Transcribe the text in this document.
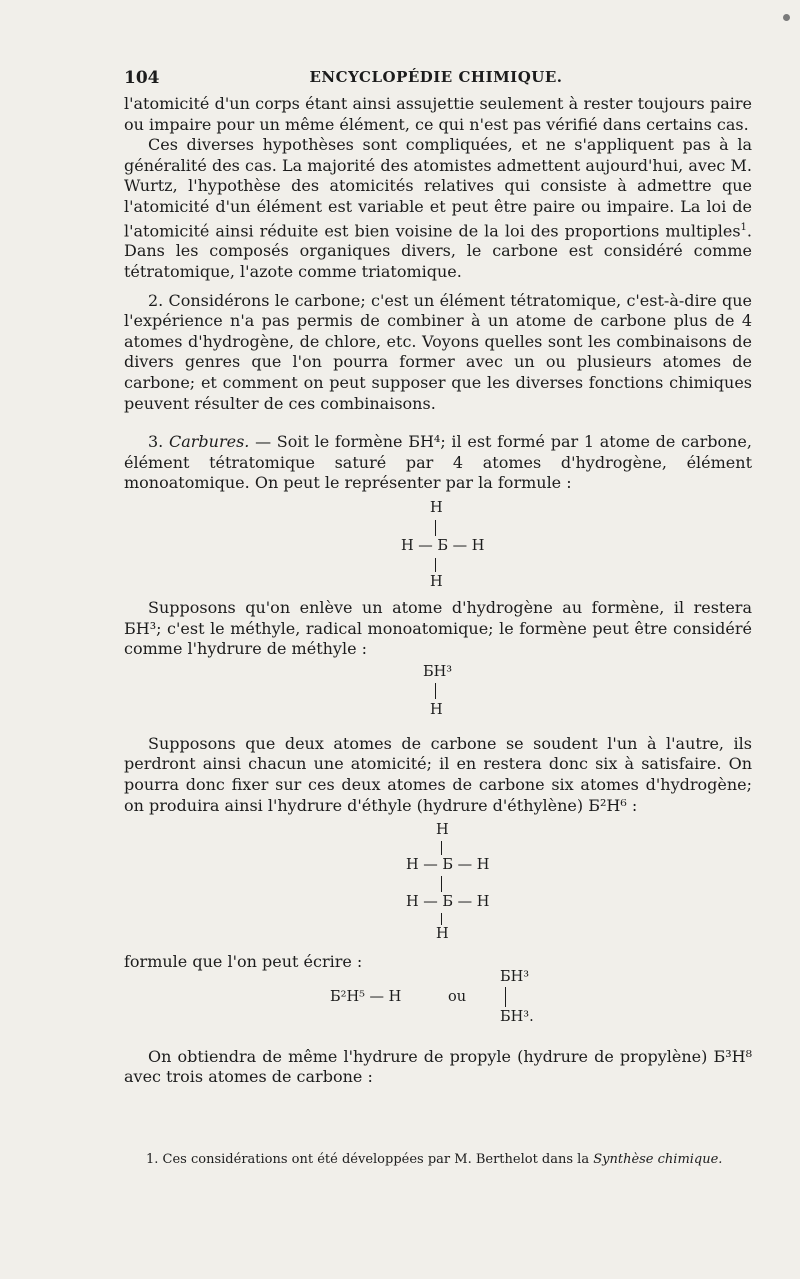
104	ENCYCLOPÉDIE CHIMIQUE.

l'atomicité d'un corps étant ainsi assujettie seulement à rester toujours paire ou impaire pour un même élément, ce qui n'est pas vérifié dans certains cas.

Ces diverses hypothèses sont compliquées, et ne s'appliquent pas à la généralité des cas. La majorité des atomistes admettent aujourd'hui, avec M. Wurtz, l'hypothèse des atomicités relatives qui consiste à admettre que l'atomicité d'un élément est variable et peut être paire ou impaire. La loi de l'atomicité ainsi réduite est bien voisine de la loi des proportions multiples$^1$. Dans les composés organiques divers, le carbone est considéré comme tétratomique, l'azote comme triatomique.

2. Considérons le carbone; c'est un élément tétratomique, c'est-à-dire que l'expérience n'a pas permis de combiner à un atome de carbone plus de 4 atomes d'hydrogène, de chlore, etc. Voyons quelles sont les combinaisons de divers genres que l'on pourra former avec un ou plusieurs atomes de carbone; et comment on peut supposer que les diverses fonctions chimiques peuvent résulter de ces combinaisons.

3. Carbures. — Soit le formène ƂH⁴; il est formé par 1 atome de carbone, élément tétratomique saturé par 4 atomes d'hydrogène, élément monoatomique. On peut le représenter par la formule :

H
H — Ƃ — H
H

Supposons qu'on enlève un atome d'hydrogène au formène, il restera ƂH³; c'est le méthyle, radical monoatomique; le formène peut être considéré comme l'hydrure de méthyle :

ƂH³
H

Supposons que deux atomes de carbone se soudent l'un à l'autre, ils perdront ainsi chacun une atomicité; il en restera donc six à satisfaire. On pourra donc fixer sur ces deux atomes de carbone six atomes d'hydrogène; on produira ainsi l'hydrure d'éthyle (hydrure d'éthylène) Ƃ²H⁶ :

H
H — Ƃ — H
H — Ƃ — H
H

formule que l'on peut écrire :

Ƃ²H⁵ — H	ou
ƂH³
ƂH³.

On obtiendra de même l'hydrure de propyle (hydrure de propylène) Ƃ³H⁸ avec trois atomes de carbone :

1. Ces considérations ont été développées par M. Berthelot dans la Synthèse chimique.
